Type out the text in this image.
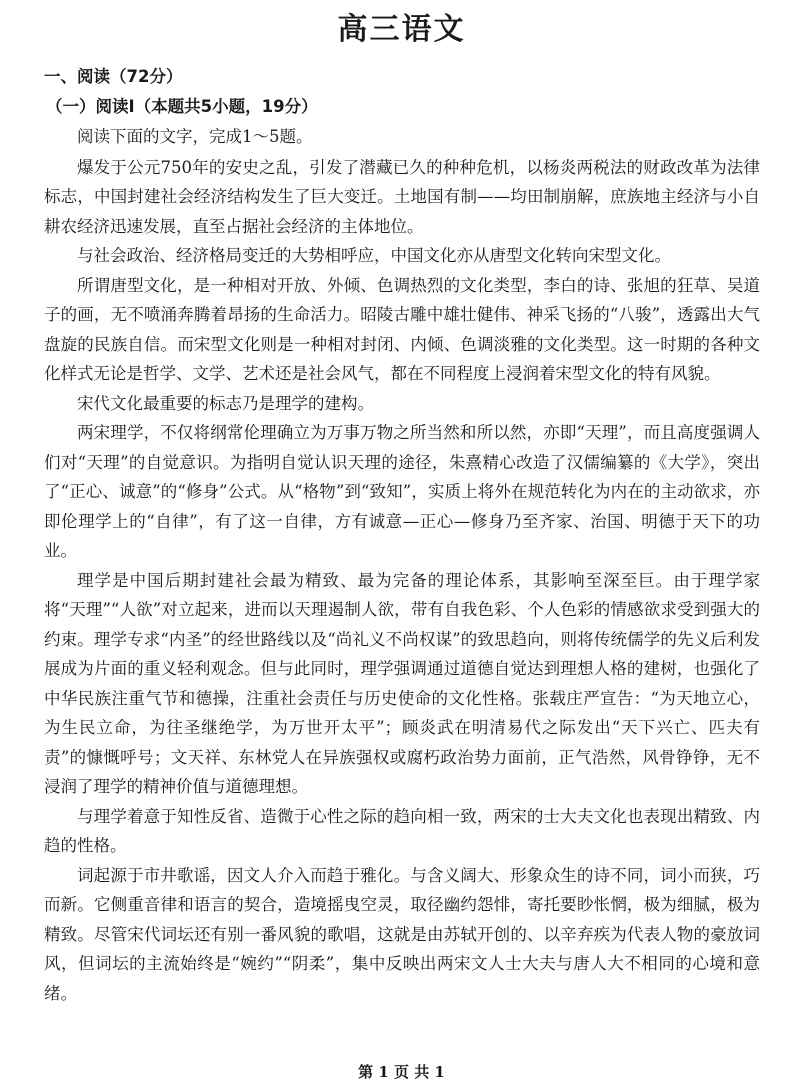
高三语文
一、阅读（72分）
（一）阅读I（本题共5小题，19分）

阅读下面的文字，完成1～5题。

爆发于公元750年的安史之乱，引发了潜藏已久的种种危机，以杨炎两税法的财政改革为法律标志，中国封建社会经济结构发生了巨大变迁。土地国有制——均田制崩解，庶族地主经济与小自耕农经济迅速发展，直至占据社会经济的主体地位。

与社会政治、经济格局变迁的大势相呼应，中国文化亦从唐型文化转向宋型文化。

所谓唐型文化，是一种相对开放、外倾、色调热烈的文化类型，李白的诗、张旭的狂草、吴道子的画，无不喷涌奔腾着昂扬的生命活力。昭陵古雕中雄壮健伟、神采飞扬的“八骏”，透露出大气盘旋的民族自信。而宋型文化则是一种相对封闭、内倾、色调淡雅的文化类型。这一时期的各种文化样式无论是哲学、文学、艺术还是社会风气，都在不同程度上浸润着宋型文化的特有风貌。

宋代文化最重要的标志乃是理学的建构。

两宋理学，不仅将纲常伦理确立为万事万物之所当然和所以然，亦即“天理”，而且高度强调人们对“天理”的自觉意识。为指明自觉认识天理的途径，朱熹精心改造了汉儒编纂的《大学》，突出了“正心、诚意”的“修身”公式。从“格物”到“致知”，实质上将外在规范转化为内在的主动欲求，亦即伦理学上的“自律”，有了这一自律，方有诚意—正心—修身乃至齐家、治国、明德于天下的功业。

理学是中国后期封建社会最为精致、最为完备的理论体系，其影响至深至巨。由于理学家将“天理”“人欲”对立起来，进而以天理遏制人欲，带有自我色彩、个人色彩的情感欲求受到强大的约束。理学专求“内圣”的经世路线以及“尚礼义不尚权谋”的致思趋向，则将传统儒学的先义后利发展成为片面的重义轻利观念。但与此同时，理学强调通过道德自觉达到理想人格的建树，也强化了中华民族注重气节和德操，注重社会责任与历史使命的文化性格。张载庄严宣告：“为天地立心，为生民立命，为往圣继绝学，为万世开太平”；顾炎武在明清易代之际发出“天下兴亡、匹夫有责”的慷慨呼号；文天祥、东林党人在异族强权或腐朽政治势力面前，正气浩然，风骨铮铮，无不浸润了理学的精神价值与道德理想。

与理学着意于知性反省、造微于心性之际的趋向相一致，两宋的士大夫文化也表现出精致、内趋的性格。

词起源于市井歌谣，因文人介入而趋于雅化。与含义阔大、形象众生的诗不同，词小而狭，巧而新。它侧重音律和语言的契合，造境摇曳空灵，取径幽约怨悱，寄托要眇怅惘，极为细腻，极为精致。尽管宋代词坛还有别一番风貌的歌唱，这就是由苏轼开创的、以辛弃疾为代表人物的豪放词风，但词坛的主流始终是“婉约”“阴柔”，集中反映出两宋文人士大夫与唐人大不相同的心境和意绪。

第 1 页 共 1
